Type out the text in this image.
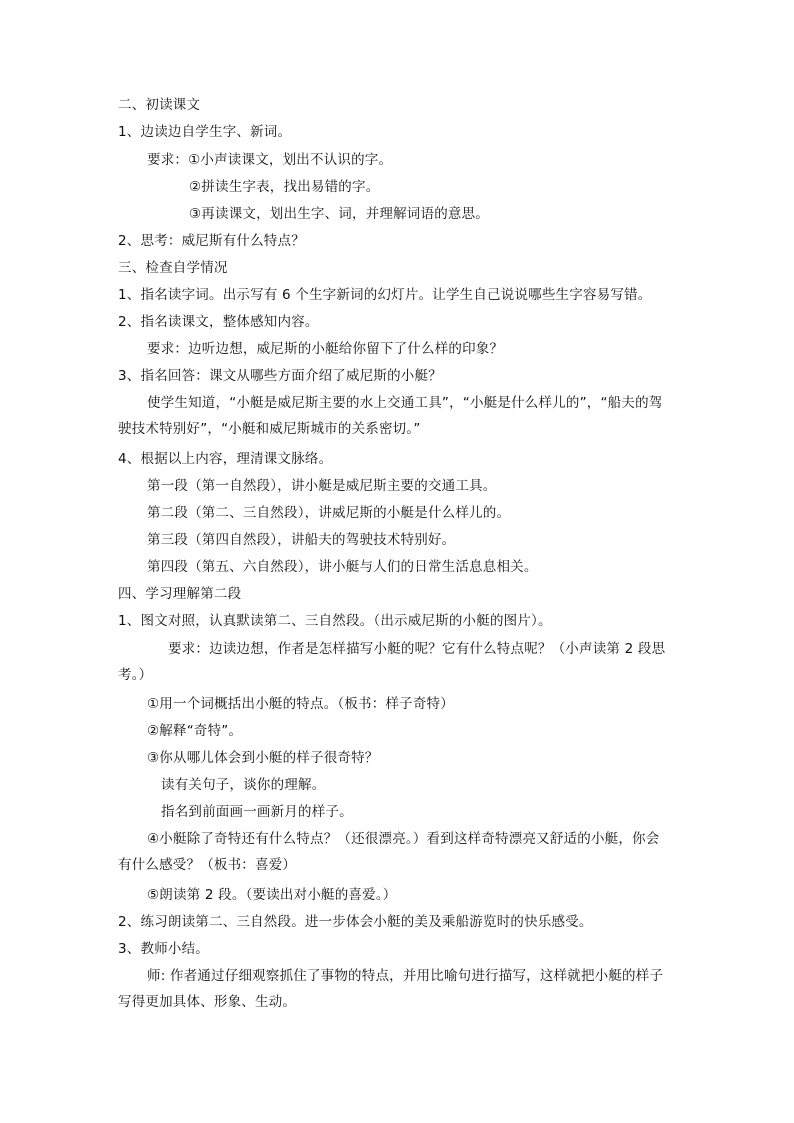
二、初读课文
1、边读边自学生字、新词。
要求：①小声读课文，划出不认识的字。
②拼读生字表，找出易错的字。
③再读课文，划出生字、词，并理解词语的意思。
2、思考：威尼斯有什么特点？
三、检查自学情况
1、指名读字词。出示写有 6 个生字新词的幻灯片。让学生自己说说哪些生字容易写错。
2、指名读课文，整体感知内容。
要求：边听边想，威尼斯的小艇给你留下了什么样的印象？
3、指名回答：课文从哪些方面介绍了威尼斯的小艇？
使学生知道，“小艇是威尼斯主要的水上交通工具”，“小艇是什么样儿的”，“船夫的驾驶技术特别好”，“小艇和威尼斯城市的关系密切。”
4、根据以上内容，理清课文脉络。
第一段（第一自然段），讲小艇是威尼斯主要的交通工具。
第二段（第二、三自然段），讲威尼斯的小艇是什么样儿的。
第三段（第四自然段），讲船夫的驾驶技术特别好。
第四段（第五、六自然段），讲小艇与人们的日常生活息息相关。
四、学习理解第二段
1、图文对照，认真默读第二、三自然段。（出示威尼斯的小艇的图片）。
要求：边读边想，作者是怎样描写小艇的呢？它有什么特点呢？（小声读第 2 段思考。）
①用一个词概括出小艇的特点。（板书：样子奇特）
②解释“奇特”。
③你从哪儿体会到小艇的样子很奇特？
读有关句子，谈你的理解。
指名到前面画一画新月的样子。
④小艇除了奇特还有什么特点？（还很漂亮。）看到这样奇特漂亮又舒适的小艇，你会有什么感受？（板书：喜爱）
⑤朗读第 2 段。（要读出对小艇的喜爱。）
2、练习朗读第二、三自然段。进一步体会小艇的美及乘船游览时的快乐感受。
3、教师小结。
师: 作者通过仔细观察抓住了事物的特点，并用比喻句进行描写，这样就把小艇的样子写得更加具体、形象、生动。
